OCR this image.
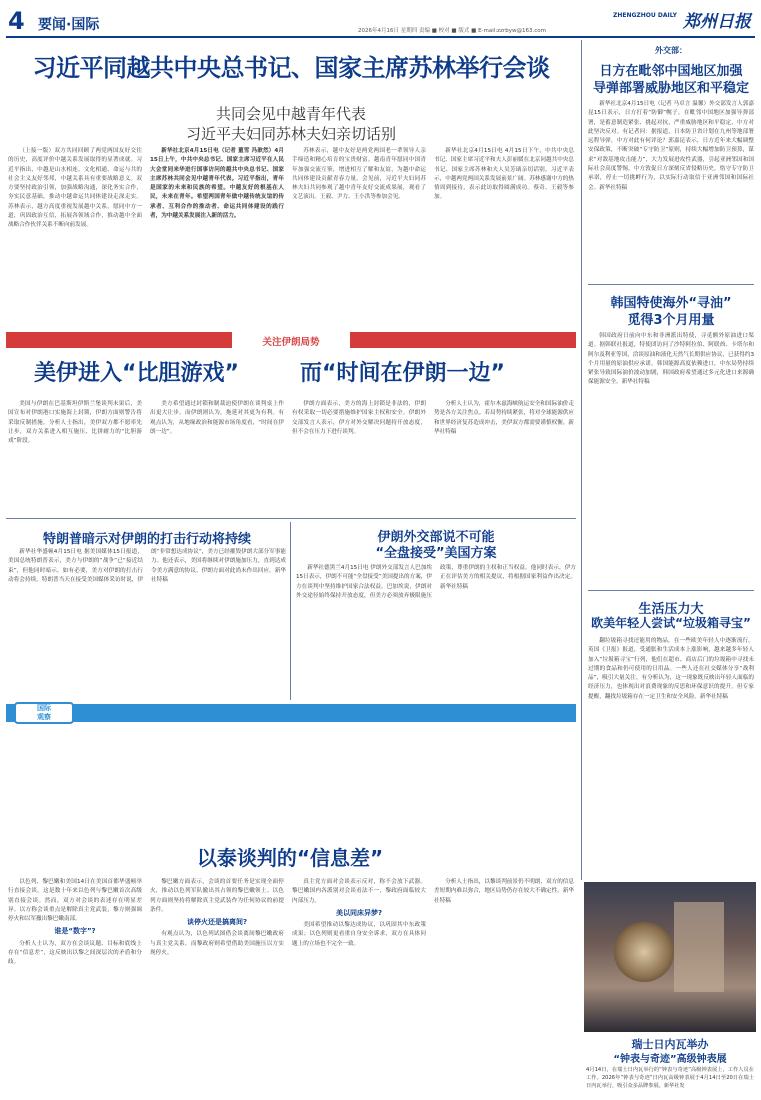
4 要闻·国际
ZHENGZHOU DAILY 郑州日报
2026年4月16日 星期四 责编 ■ 校对 ■ 版式 ■ E-mail:zzrbyw@163.com
习近平同越共中央总书记、国家主席苏林举行会谈
共同会见中越青年代表
习近平夫妇同苏林夫妇亲切话别

（上接一版）双方共同回顾了两党两国友好交往的历史，高度评价中越关系发展取得的显著成就。习近平指出，中越是山水相连、文化相通、命运与共的社会主义友好邻邦，中越关系具有重要战略意义。双方要坚持政治引领，加强战略沟通，深化务实合作，夯实民意基础，推动中越命运共同体建设走深走实。苏林表示，越方高度重视发展越中关系，愿同中方一道，巩固政治互信，拓展各领域合作，推动越中全面战略合作伙伴关系不断向前发展。

新华社北京4月15日电（记者 董雪 冯歆然）4月15日上午，中共中央总书记、国家主席习近平在人民大会堂同来华进行国事访问的越共中央总书记、国家主席苏林共同会见中越青年代表。习近平指出，青年是国家的未来和民族的希望。中越友好的根基在人民，未来在青年。希望两国青年做中越传统友谊的传承者、互利合作的推动者、命运共同体建设的践行者，为中越关系发展注入新的活力。

苏林表示，越中友好是两党两国老一辈领导人亲手缔造和精心培育的宝贵财富。越南青年愿同中国青年加强交流互鉴，增进相互了解和友谊，为越中命运共同体建设贡献青春力量。会见前，习近平夫妇同苏林夫妇共同参观了越中青年友好交流成果展，观看了文艺演出。王毅、尹力、王小洪等参加会见。

新华社北京4月15日电 4月15日下午，中共中央总书记、国家主席习近平和夫人彭丽媛在北京同越共中央总书记、国家主席苏林和夫人吴芳璃亲切话别。习近平表示，中越两党两国关系发展前景广阔。苏林感谢中方的热情周到接待，表示此访取得圆满成功。蔡奇、王毅等参加。

外交部：
日方在毗邻中国地区加强
导弹部署威胁地区和平稳定

新华社北京4月15日电（记者 马卓言 温馨）外交部发言人郭嘉昆15日表示，日方打着“防御”幌子，在毗邻中国地区加强导弹部署，是蓄意制造紧张、挑起对抗，严重威胁地区和平稳定，中方对此坚决反对。有记者问：据报道，日本防卫省计划在九州等地部署远程导弹。中方对此有何评论？郭嘉昆表示，日方近年来大幅调整安保政策，不断突破“专守防卫”原则，持续大幅增加防卫预算，谋求“对敌基地攻击能力”，大力发展进攻性武器，引起亚洲邻国和国际社会高度警惕。中方敦促日方深刻反省侵略历史，恪守专守防卫承诺，停止一切挑衅行为，以实际行动取信于亚洲邻国和国际社会。新华社特稿

韩国特使海外“寻油”
觅得3个月用量

韩国政府日前向中东和非洲派出特使，寻觅额外原油进口渠道。据韩联社报道，特使团访问了沙特阿拉伯、阿联酋、卡塔尔和阿尔及利亚等国，洽谈原油和液化天然气长期供应协议，已获得约3个月用量的原油供应承诺。韩国能源高度依赖进口，中东局势持续紧张导致国际油价波动加剧，韩国政府希望通过多元化进口来源确保能源安全。新华社特稿

生活压力大
欧美年轻人尝试“垃圾箱寻宝”

翻垃圾箱寻找还能用的物品，在一些欧美年轻人中逐渐流行。英国《卫报》报道，受通胀和生活成本上涨影响，越来越多年轻人加入“垃圾箱寻宝”行列，他们在超市、商店后门的垃圾箱中寻找未过期的食品和仍可使用的日用品。一些人还在社交媒体分享“战利品”，吸引大量关注。有分析认为，这一现象既反映出年轻人面临的经济压力，也体现出对浪费现象的反思和环保意识的提升。但专家提醒，翻找垃圾箱存在一定卫生和安全风险。新华社特稿

关注伊朗局势
美伊进入“比胆游戏”	而“时间在伊朗一边”

美国与伊朗在巴基斯坦伊斯兰堡谈判未果后，美国宣布对伊朗港口实施海上封锁，伊朗方面则警告将采取反制措施。分析人士指出，美伊双方都不愿率先让步，双方关系进入相互施压、比拼耐力的“比胆游戏”阶段。

美方希望通过封锁和制裁迫使伊朗在谈判桌上作出更大让步，而伊朗则认为，拖延对其更为有利。有观点认为，从地缘政治和能源市场角度看，“时间在伊朗一边”。

伊朗方面表示，美方的海上封锁是非法的，伊朗有权采取一切必要措施维护国家主权和安全。伊朗外交部发言人表示，伊方对外交解决问题持开放态度，但不会在压力下进行谈判。

分析人士认为，霍尔木兹海峡航运安全和国际油价走势是各方关注焦点。若局势持续紧张，将对全球能源供应和世界经济复苏造成冲击，美伊双方都需要谨慎权衡。新华社特稿

特朗普暗示对伊朗的打击行动将持续

新华社华盛顿4月15日电 据美国媒体15日报道，美国总统特朗普表示，美方与伊朗的“战争”已“接近结束”，但他同时暗示，如有必要，美方对伊朗的打击行动将会持续。特朗普当天在接受美国媒体采访时说，伊朗“非常想达成协议”，美方已经摧毁伊朗大部分军事能力。他还表示，美国将继续对伊朗施加压力，直到达成令美方满意的协议。伊朗方面对此尚未作出回应。新华社特稿

伊朗外交部说不可能
“全盘接受”美国方案

新华社德黑兰4月15日电 伊朗外交部发言人巴加埃15日表示，伊朗不可能“全盘接受”美国提出的方案，伊方在谈判中坚持维护国家合法权益。巴加埃说，伊朗对外交途径始终保持开放态度，但美方必须放弃极限施压政策，尊重伊朗的主权和正当权益。他同时表示，伊方正在评估美方的相关提议，将根据国家利益作出决定。新华社特稿

国际
观察
以泰谈判的“信息差”

以色列、黎巴嫩和美国14日在美国首都华盛顿举行直接会谈，这是数十年来以色列与黎巴嫩首次高级别直接会谈。然而，双方对会谈的表述存在明显差异。以方称会谈重点是解除真主党武装，黎方则强调停火和以军撤出黎巴嫩南部。

谁是“数字”?

分析人士认为，双方在会谈议题、目标和底线上存在“信息差”，这反映出以黎之间深层次的矛盾和分歧。

黎巴嫩方面表示，会谈的首要任务是实现全面停火，推动以色列军队撤出其占领的黎巴嫩领土。以色列方面则坚持将解除真主党武装作为任何协议的前提条件。

谈停火还是搞离间?

有观点认为，以色列试图借会谈离间黎巴嫩政府与真主党关系，而黎政府则希望借助美国施压以方实现停火。

真主党方面对会谈表示反对，称不会放下武器。黎巴嫩国内各派别对会谈看法不一，黎政府面临较大内部压力。

美以同床异梦?

美国希望推动以黎达成协议，以巩固其中东政策成果；以色列则更看重自身安全诉求，双方在具体问题上的立场也不完全一致。

分析人士指出，以黎谈判前景仍不明朗，双方的信息差短期内难以弥合，地区局势仍存在较大不确定性。新华社特稿

瑞士日内瓦举办
“钟表与奇迹”高级钟表展
4月14日，在瑞士日内瓦举行的“钟表与奇迹”高级钟表展上，工作人员在工作。2026年“钟表与奇迹”日内瓦高级钟表展于4月14日至20日在瑞士日内瓦举行，吸引众多品牌参展。新华社发
